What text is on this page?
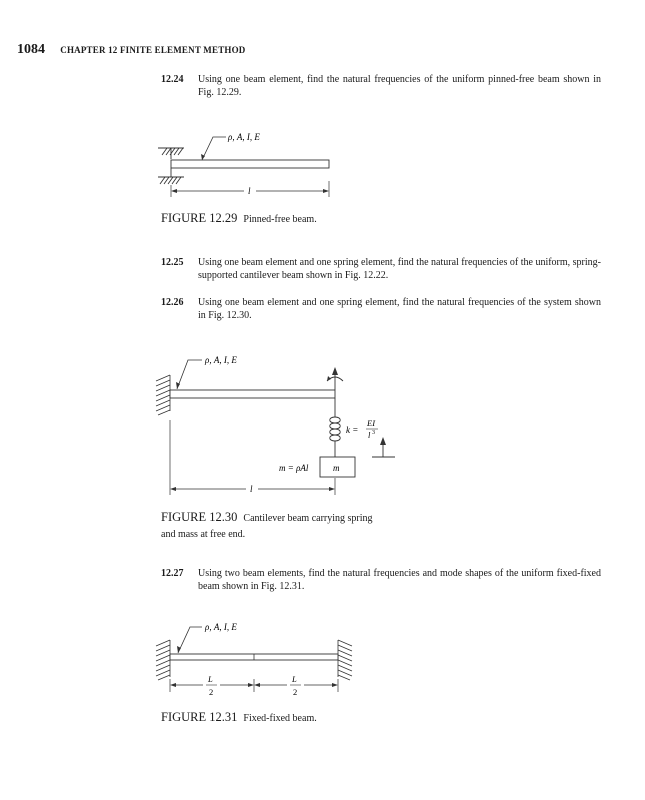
1084 CHAPTER 12 FINITE ELEMENT METHOD
12.24 Using one beam element, find the natural frequencies of the uniform pinned-free beam shown in Fig. 12.29.
ρ, A, I, E
l
FIGURE 12.29 Pinned-free beam.
12.25 Using one beam element and one spring element, find the natural frequencies of the uniform, spring-supported cantilever beam shown in Fig. 12.22.
12.26 Using one beam element and one spring element, find the natural frequencies of the system shown in Fig. 12.30.
ρ, A, I, E
k =
EI
l 3
m
m = ρAl
l
FIGURE 12.30 Cantilever beam carrying spring
and mass at free end.
12.27 Using two beam elements, find the natural frequencies and mode shapes of the uniform fixed-fixed beam shown in Fig. 12.31.
ρ, A, I, E
L
2
L
2
FIGURE 12.31 Fixed-fixed beam.
